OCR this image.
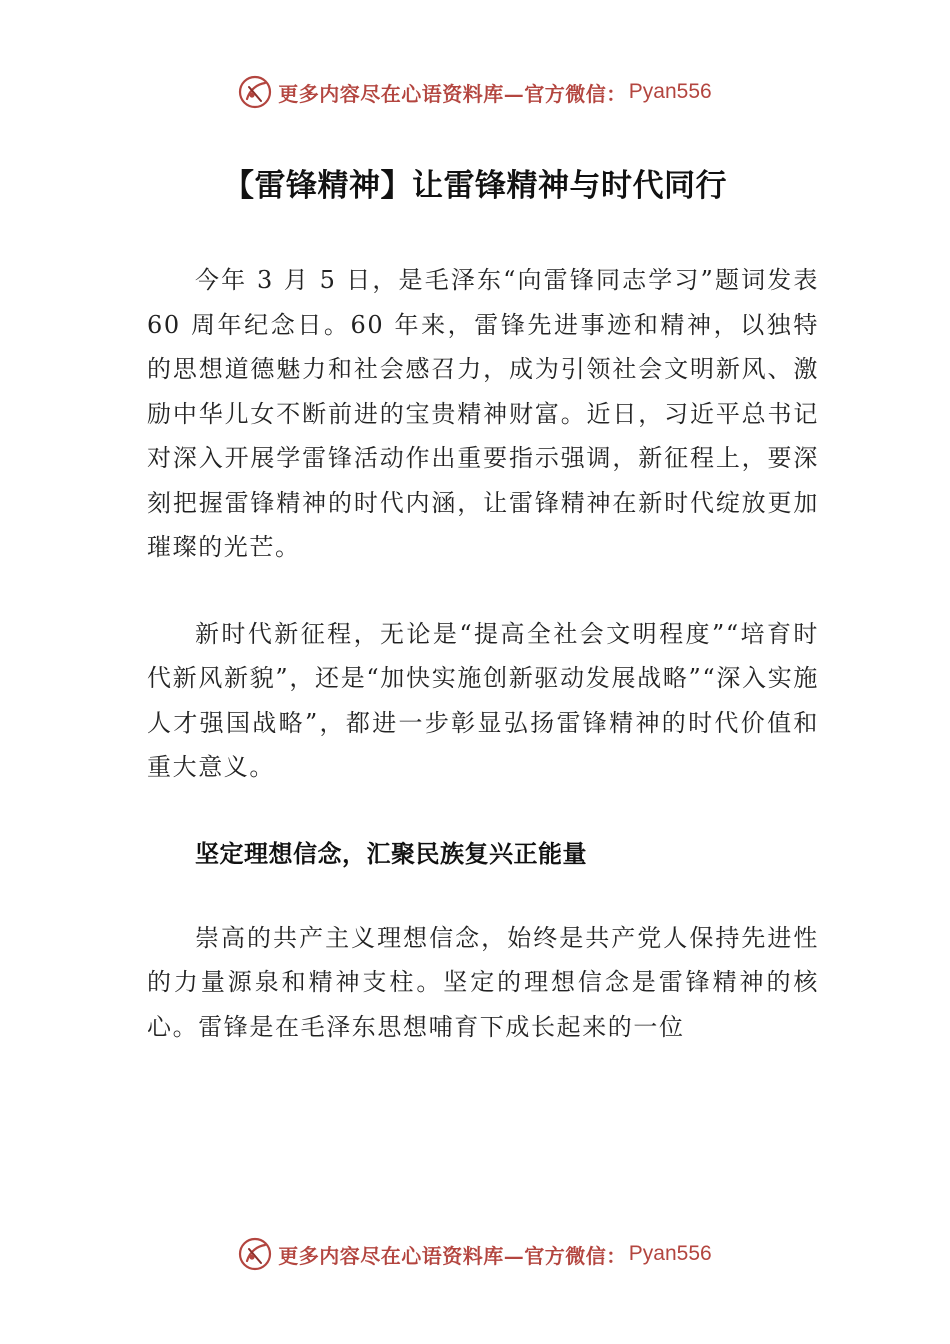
更多内容尽在心语资料库—官方微信： Pyan556
【雷锋精神】让雷锋精神与时代同行

今年 3 月 5 日，是毛泽东“向雷锋同志学习”题词发表 60 周年纪念日。60 年来，雷锋先进事迹和精神，以独特的思想道德魅力和社会感召力，成为引领社会文明新风、激励中华儿女不断前进的宝贵精神财富。近日，习近平总书记对深入开展学雷锋活动作出重要指示强调，新征程上，要深刻把握雷锋精神的时代内涵，让雷锋精神在新时代绽放更加璀璨的光芒。

新时代新征程，无论是“提高全社会文明程度”“培育时代新风新貌”，还是“加快实施创新驱动发展战略”“深入实施人才强国战略”，都进一步彰显弘扬雷锋精神的时代价值和重大意义。

坚定理想信念，汇聚民族复兴正能量

崇高的共产主义理想信念，始终是共产党人保持先进性的力量源泉和精神支柱。坚定的理想信念是雷锋精神的核心。雷锋是在毛泽东思想哺育下成长起来的一位

更多内容尽在心语资料库—官方微信： Pyan556
